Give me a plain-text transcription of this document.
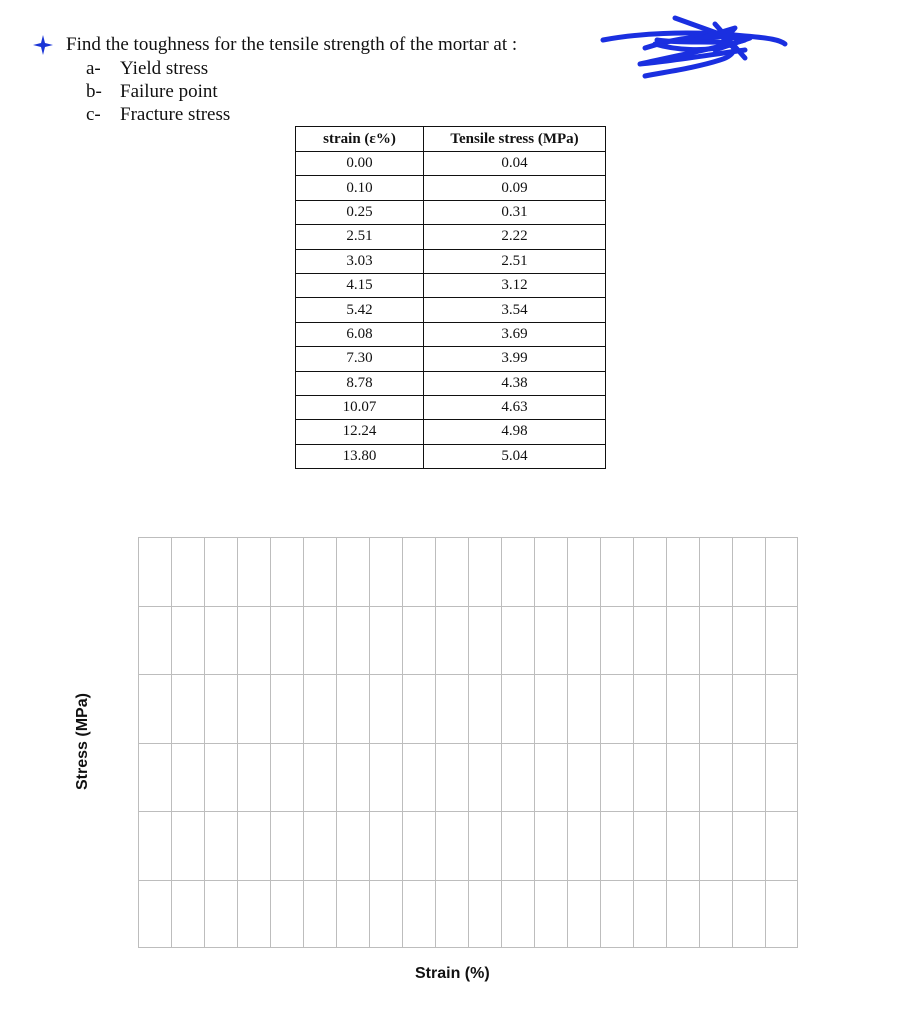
Find the toughness for the tensile strength of the mortar at :
a-	Yield stress
b- Failure point
c-	Fracture stress
strain (ε%)	Tensile stress (MPa)
0.00	0.04
0.10	0.09
0.25	0.31
2.51	2.22
3.03	2.51
4.15	3.12
5.42	3.54
6.08	3.69
7.30	3.99
8.78	4.38
10.07	4.63
12.24	4.98
13.80	5.04
Stress (MPa)
Strain (%)
